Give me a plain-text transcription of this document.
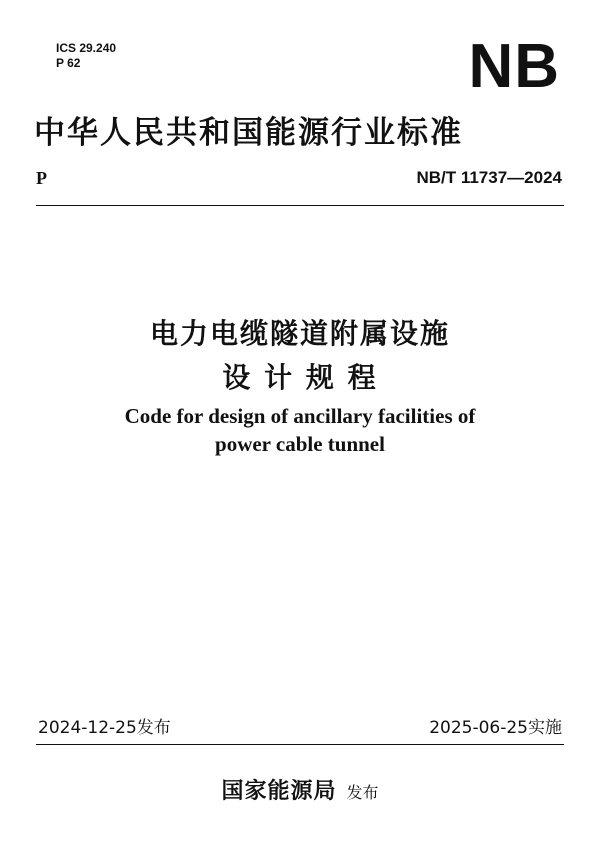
ICS 29.240
P 62	NB
中华人民共和国能源行业标准
P	NB/T 11737—2024
电力电缆隧道附属设施
设 计 规 程
Code for design of ancillary facilities of
power cable tunnel
2024-12-25发布	2025-06-25实施
国家能源局 发布
